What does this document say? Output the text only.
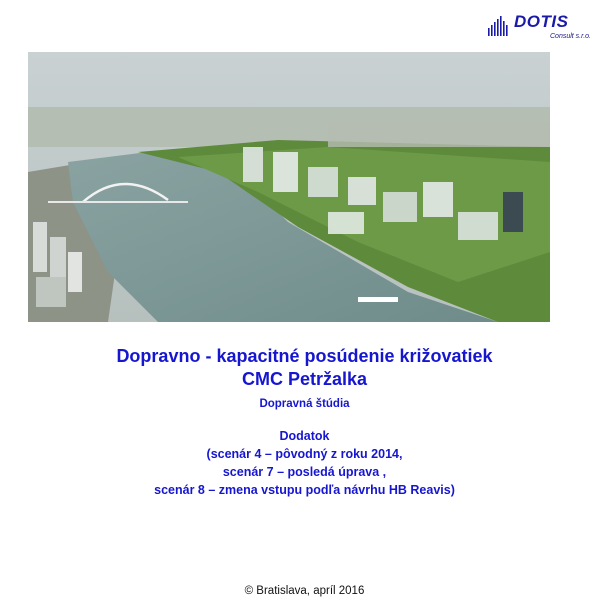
DOTIS
Consult s.r.o.

Dopravno - kapacitné posúdenie križovatiek

CMC Petržalka

Dopravná štúdia

Dodatok

(scenár 4 – pôvodný z roku 2014,

scenár 7 – posledá úprava ,

scenár 8 – zmena vstupu podľa návrhu HB Reavis)

© Bratislava, apríl 2016
